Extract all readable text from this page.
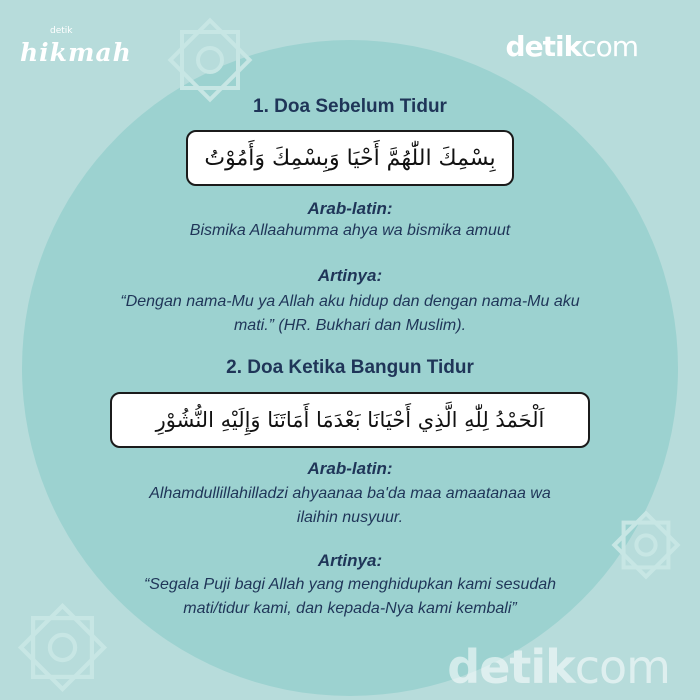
detik
hikmah	detikcom
detikcom
1. Doa Sebelum Tidur
بِسْمِكَ اللّٰهُمَّ أَحْيَا وَبِسْمِكَ وَأَمُوْتُ
Arab-latin:
Bismika Allaahumma ahya wa bismika amuut
Artinya:
“Dengan nama-Mu ya Allah aku hidup dan dengan nama-Mu aku
mati.” (HR. Bukhari dan Muslim).
2. Doa Ketika Bangun Tidur
اَلْحَمْدُ لِلّٰهِ الَّذِي أَحْيَانَا بَعْدَمَا أَمَاتَنَا وَإِلَيْهِ النُّشُوْرِ
Arab-latin:
Alhamdullillahilladzi ahyaanaa ba'da maa amaatanaa wa
ilaihin nusyuur.
Artinya:
“Segala Puji bagi Allah yang menghidupkan kami sesudah
mati/tidur kami, dan kepada-Nya kami kembali”
